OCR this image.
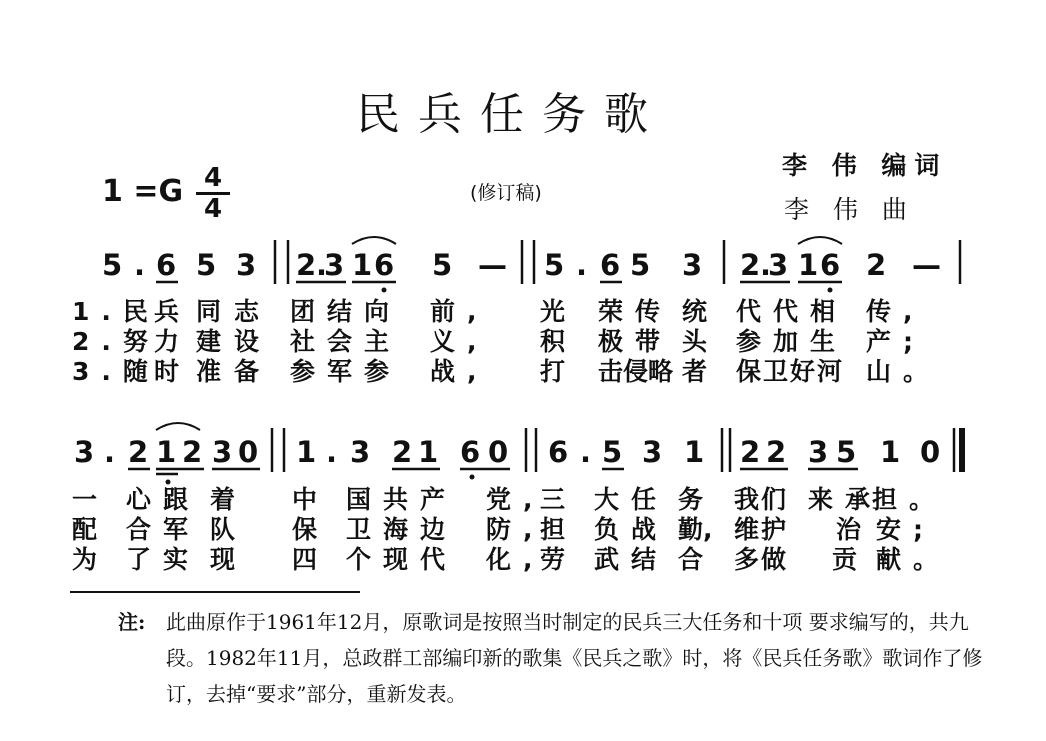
民兵任务歌
1 =G 4
4
(修订稿)
李 伟 编词
李 伟 曲
5 . 6 5 3 2 .
3 1 6 5 — 5 . 6 5 3 2 .
3 1 6 2 —
3 . 2 1 2 3 0 1 . 3 2 1 6 0 6 . 5 3 1 2 2 3 5 1 0
1.民
兵 同 志 团结向 前, 光 荣传 统 代代相 传,
2.努
力 建 设 社会主 义, 积 极带 头 参加生 产;
3.随
时 准 备 参军参 战, 打 击侵略 者 保卫好河 山。
一 心跟 着 中 国共产 党,
三 大任 务 我们 来承
担。
配 合军 队 保 卫海边 防,
担 负战 勤, 维护 治 安;
为 了实 现 四 个现代 化,
劳 武结 合 多做 贡 献。
注: 此曲原作于1961年12月，原歌词是按照当时制定的民兵三大任务和十项 要求编写的，共九段。1982年11月，总政群工部编印新的歌集《民兵之歌》时，将《民兵任务歌》歌词作了修订，去掉“要求”部分，重新发表。
